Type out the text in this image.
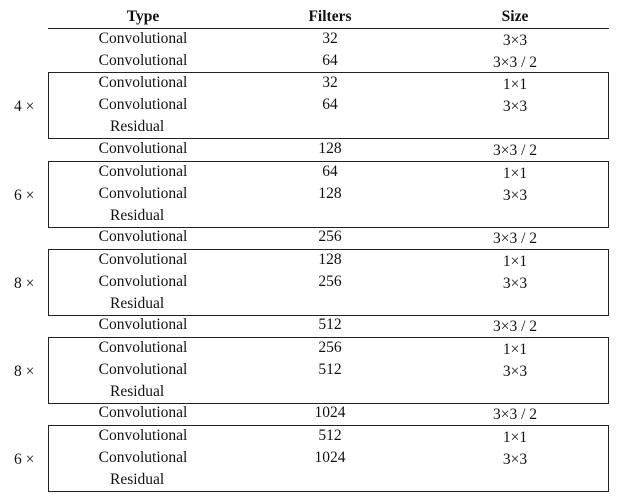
Type	Filters	Size
Convolutional	32	3×3
Convolutional	64	3×3 / 2
4 ×
Convolutional	32	1×1
Convolutional	64	3×3
Residual
Convolutional	128	3×3 / 2
6 ×
Convolutional	64	1×1
Convolutional	128	3×3
Residual
Convolutional	256	3×3 / 2
8 ×
Convolutional	128	1×1
Convolutional	256	3×3
Residual
Convolutional	512	3×3 / 2
8 ×
Convolutional	256	1×1
Convolutional	512	3×3
Residual
Convolutional	1024	3×3 / 2
6 ×
Convolutional	512	1×1
Convolutional	1024	3×3
Residual
